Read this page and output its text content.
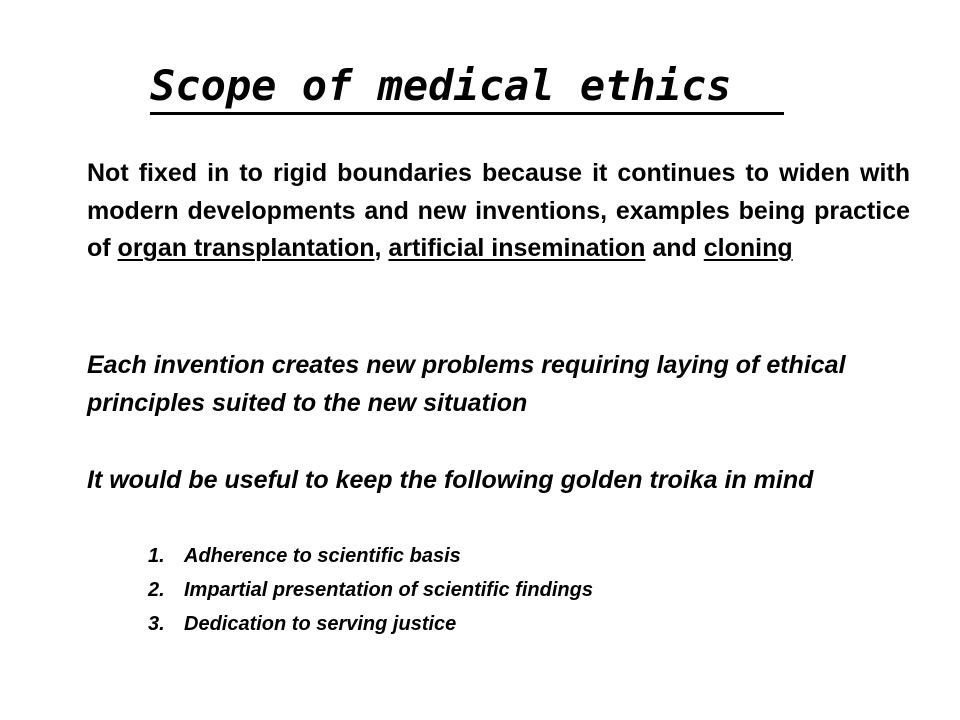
Scope of medical ethics

Not fixed in to rigid boundaries because it continues to widen with modern developments and new inventions, examples being practice of organ transplantation, artificial insemination and cloning

Each invention creates new problems requiring laying of ethical principles suited to the new situation

It would be useful to keep the following golden troika in mind

1. Adherence to scientific basis
2. Impartial presentation of scientific findings
3. Dedication to serving justice
